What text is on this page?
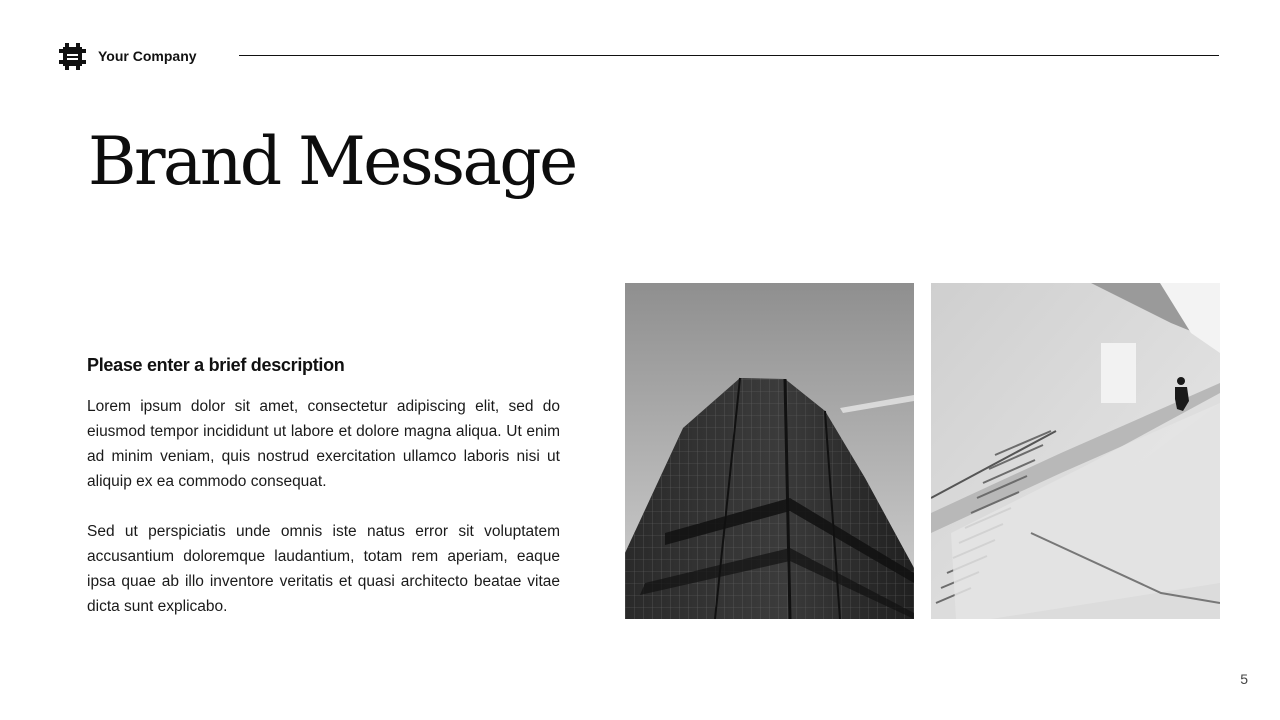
Your Company
Brand Message
Please enter a brief description

Lorem ipsum dolor sit amet, consectetur adipiscing elit, sed do eiusmod tempor incididunt ut labore et dolore magna aliqua. Ut enim ad minim veniam, quis nostrud exercitation ullamco laboris nisi ut aliquip ex ea commodo consequat.

Sed ut perspiciatis unde omnis iste natus error sit voluptatem accusantium doloremque laudantium, totam rem aperiam, eaque ipsa quae ab illo inventore veritatis et quasi architecto beatae vitae dicta sunt explicabo.

5
